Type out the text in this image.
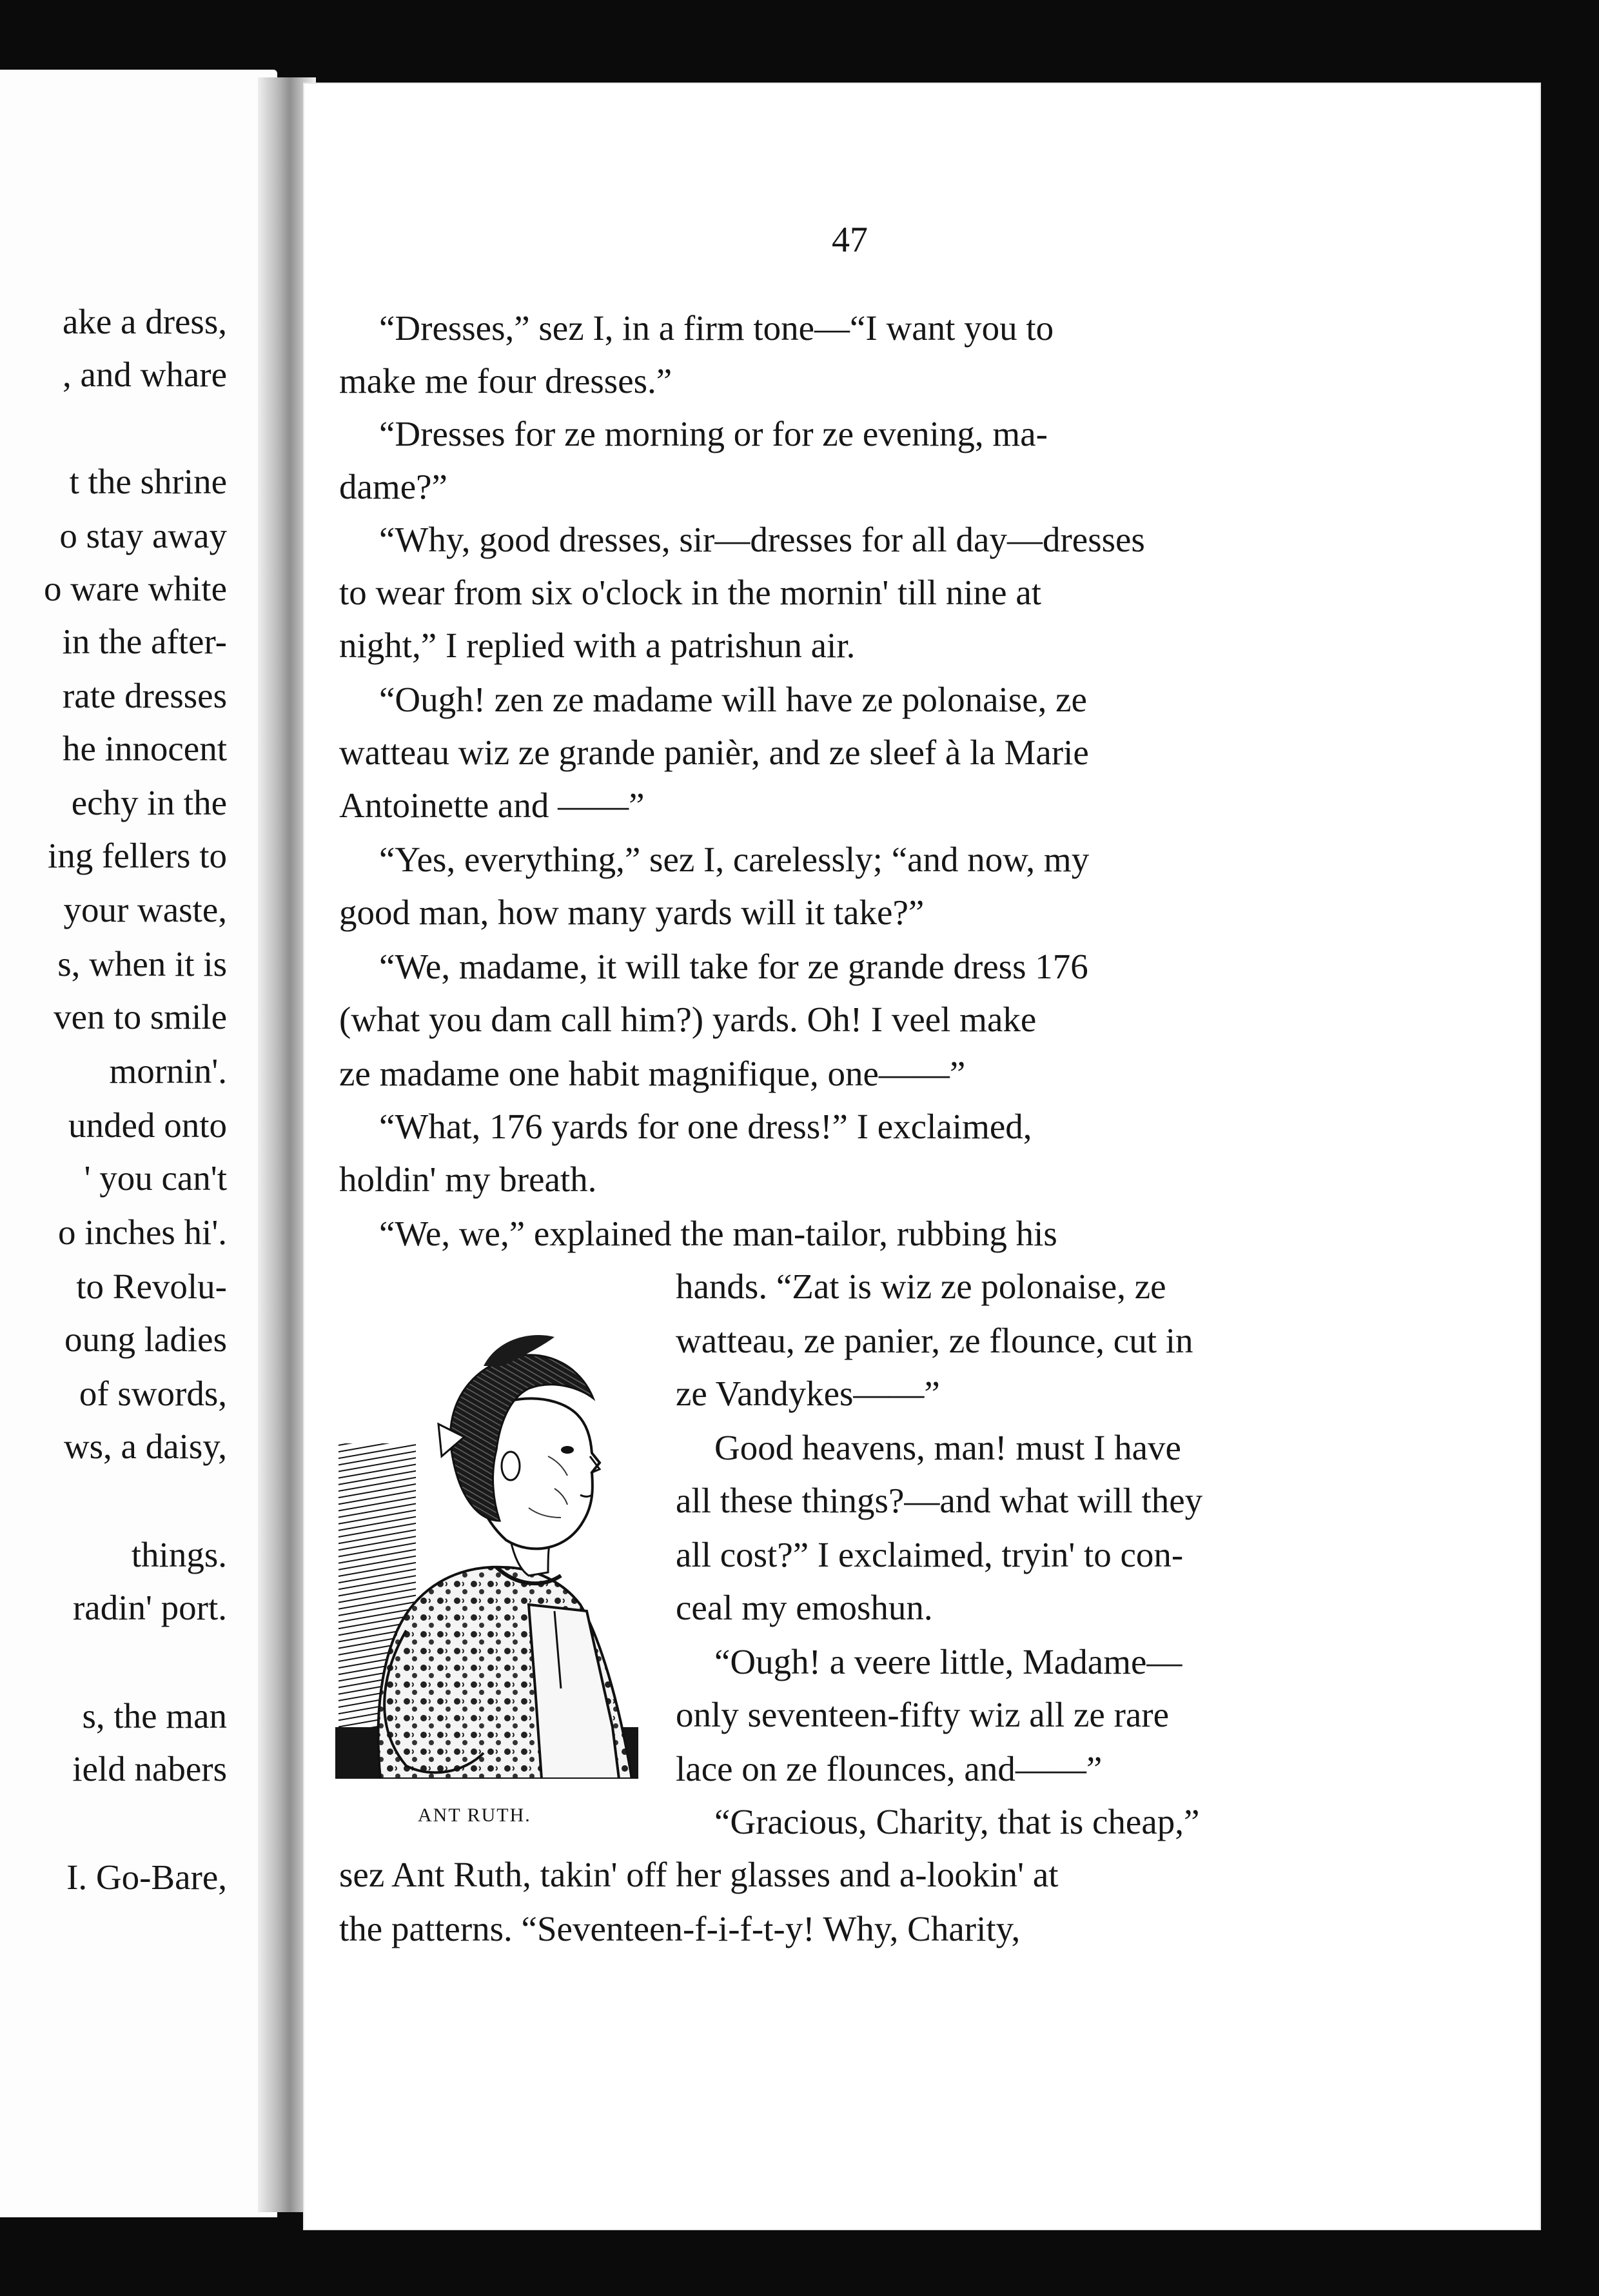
ake a dress,
, and whare
t the shrine
o stay away
o ware white
in the after-
rate dresses
he innocent
echy in the
ing fellers to
your waste,
s, when it is
ven to smile
mornin'.
unded onto
' you can't
o inches hi'.
to Revolu-
oung ladies
of swords,
ws, a daisy,
things.
radin' port.
s, the man
ield nabers
I. Go-Bare,
47
“Dresses,” sez I, in a firm tone—“I want you to
make me four dresses.”
“Dresses for ze morning or for ze evening, ma-
dame?”
“Why, good dresses, sir—dresses for all day—dresses
to wear from six o'clock in the mornin' till nine at
night,” I replied with a patrishun air.
“Ough! zen ze madame will have ze polonaise, ze
watteau wiz ze grande panièr, and ze sleef à la Marie
Antoinette and ——”
“Yes, everything,” sez I, carelessly; “and now, my
good man, how many yards will it take?”
“We, madame, it will take for ze grande dress 176
(what you dam call him?) yards. Oh! I veel make
ze madame one habit magnifique, one——”
“What, 176 yards for one dress!” I exclaimed,
holdin' my breath.
“We, we,” explained the man-tailor, rubbing his
hands. “Zat is wiz ze polonaise, ze
watteau, ze panier, ze flounce, cut in
ze Vandykes——”
Good heavens, man! must I have
all these things?—and what will they
all cost?” I exclaimed, tryin' to con-
ceal my emoshun.
“Ough! a veere little, Madame—
only seventeen-fifty wiz all ze rare
lace on ze flounces, and——”
“Gracious, Charity, that is cheap,”
sez Ant Ruth, takin' off her glasses and a-lookin' at
the patterns. “Seventeen-f-i-f-t-y! Why, Charity,
ANT RUTH.
